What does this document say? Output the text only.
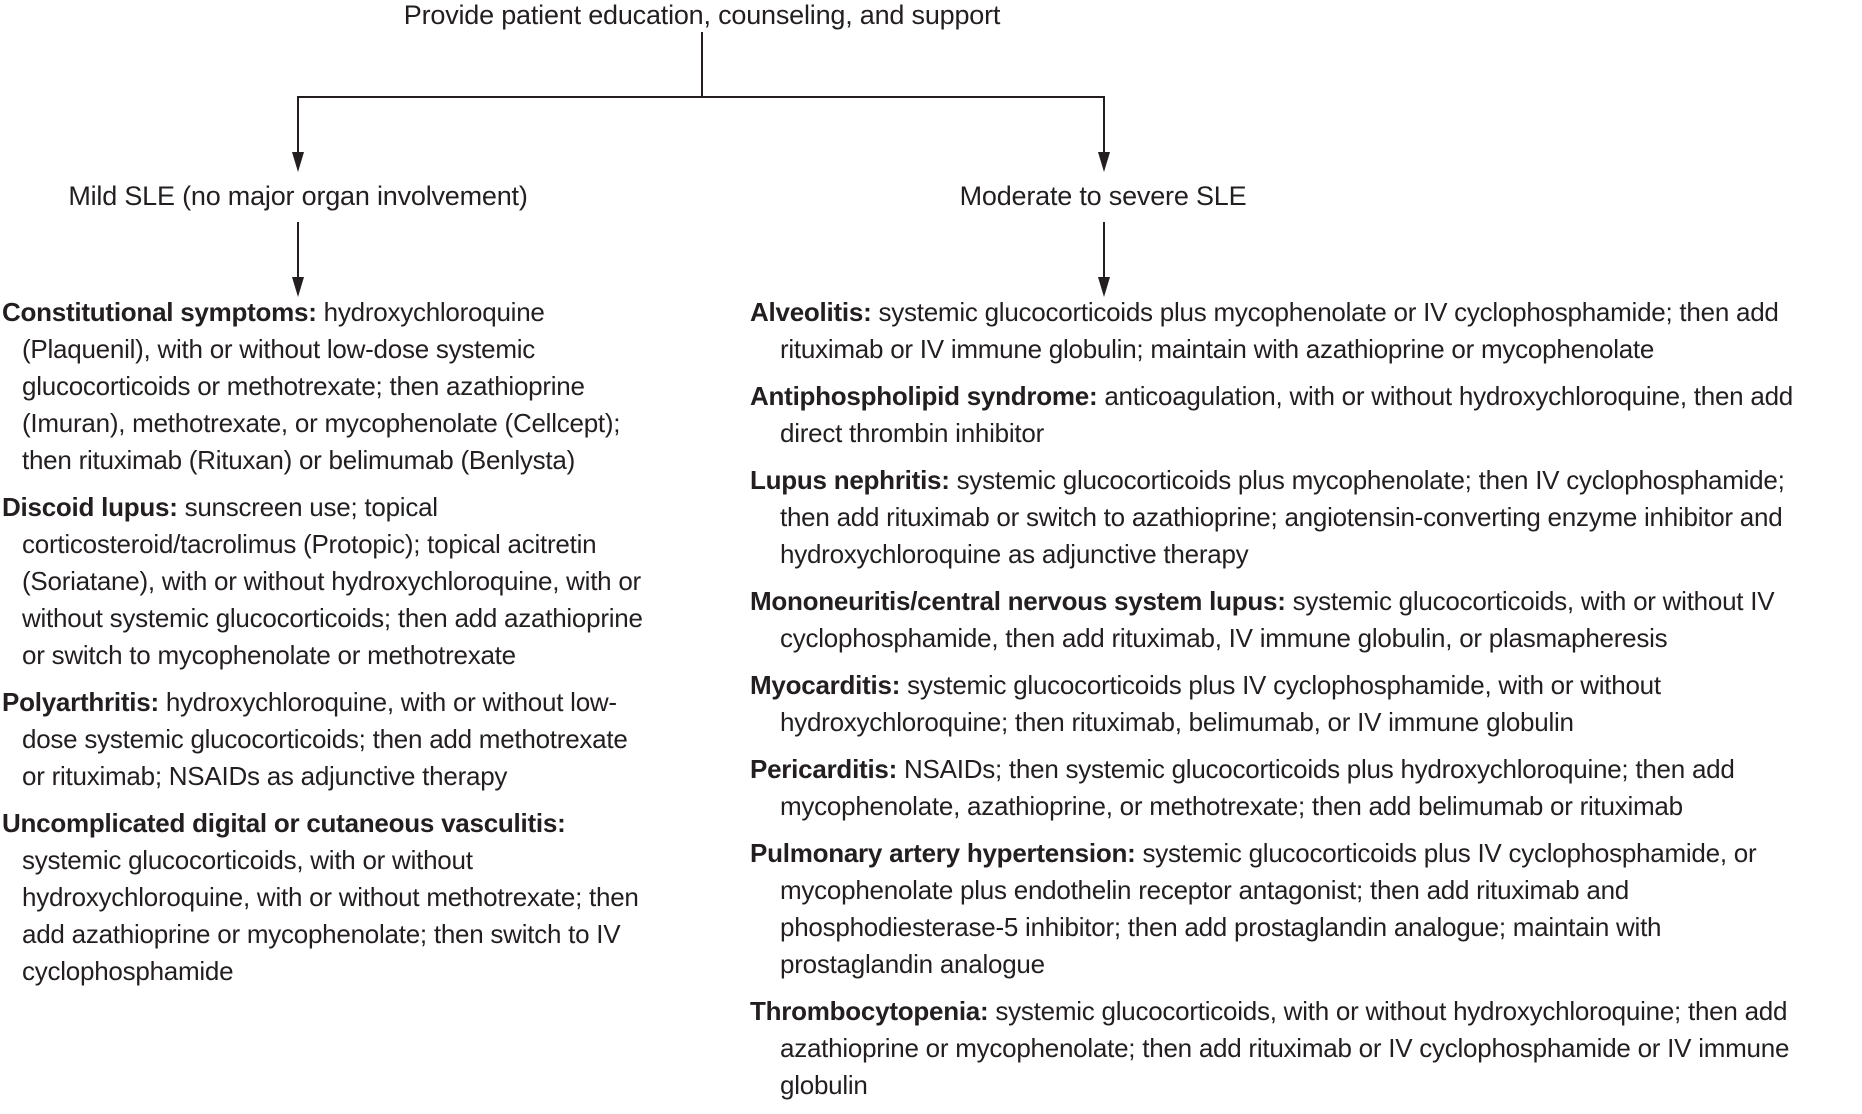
Provide patient education, counseling, and support
Mild SLE (no major organ involvement)	Moderate to severe SLE

Constitutional symptoms: hydroxychloroquine (Plaquenil), with or without low-dose systemic glucocorticoids or methotrexate; then azathioprine (Imuran), methotrexate, or mycophenolate (Cellcept); then rituximab (Rituxan) or belimumab (Benlysta)

Discoid lupus: sunscreen use; topical corticosteroid/tacrolimus (Protopic); topical acitretin (Soriatane), with or without hydroxychloroquine, with or without systemic glucocorticoids; then add azathioprine or switch to mycophenolate or methotrexate

Polyarthritis: hydroxychloroquine, with or without low-dose systemic glucocorticoids; then add methotrexate or rituximab; NSAIDs as adjunctive therapy

Uncomplicated digital or cutaneous vasculitis: systemic glucocorticoids, with or without hydroxychloroquine, with or without methotrexate; then add azathioprine or mycophenolate; then switch to IV cyclophosphamide

Alveolitis: systemic glucocorticoids plus mycophenolate or IV cyclophosphamide; then add rituximab or IV immune globulin; maintain with azathioprine or mycophenolate

Antiphospholipid syndrome: anticoagulation, with or without hydroxychloroquine, then add direct thrombin inhibitor

Lupus nephritis: systemic glucocorticoids plus mycophenolate; then IV cyclophosphamide; then add rituximab or switch to azathioprine; angiotensin-converting enzyme inhibitor and hydroxychloroquine as adjunctive therapy

Mononeuritis/central nervous system lupus: systemic glucocorticoids, with or without IV cyclophosphamide, then add rituximab, IV immune globulin, or plasmapheresis

Myocarditis: systemic glucocorticoids plus IV cyclophosphamide, with or without hydroxychloroquine; then rituximab, belimumab, or IV immune globulin

Pericarditis: NSAIDs; then systemic glucocorticoids plus hydroxychloroquine; then add mycophenolate, azathioprine, or methotrexate; then add belimumab or rituximab

Pulmonary artery hypertension: systemic glucocorticoids plus IV cyclophosphamide, or mycophenolate plus endothelin receptor antagonist; then add rituximab and phosphodiesterase-5 inhibitor; then add prostaglandin analogue; maintain with prostaglandin analogue

Thrombocytopenia: systemic glucocorticoids, with or without hydroxychloroquine; then add azathioprine or mycophenolate; then add rituximab or IV cyclophosphamide or IV immune globulin
